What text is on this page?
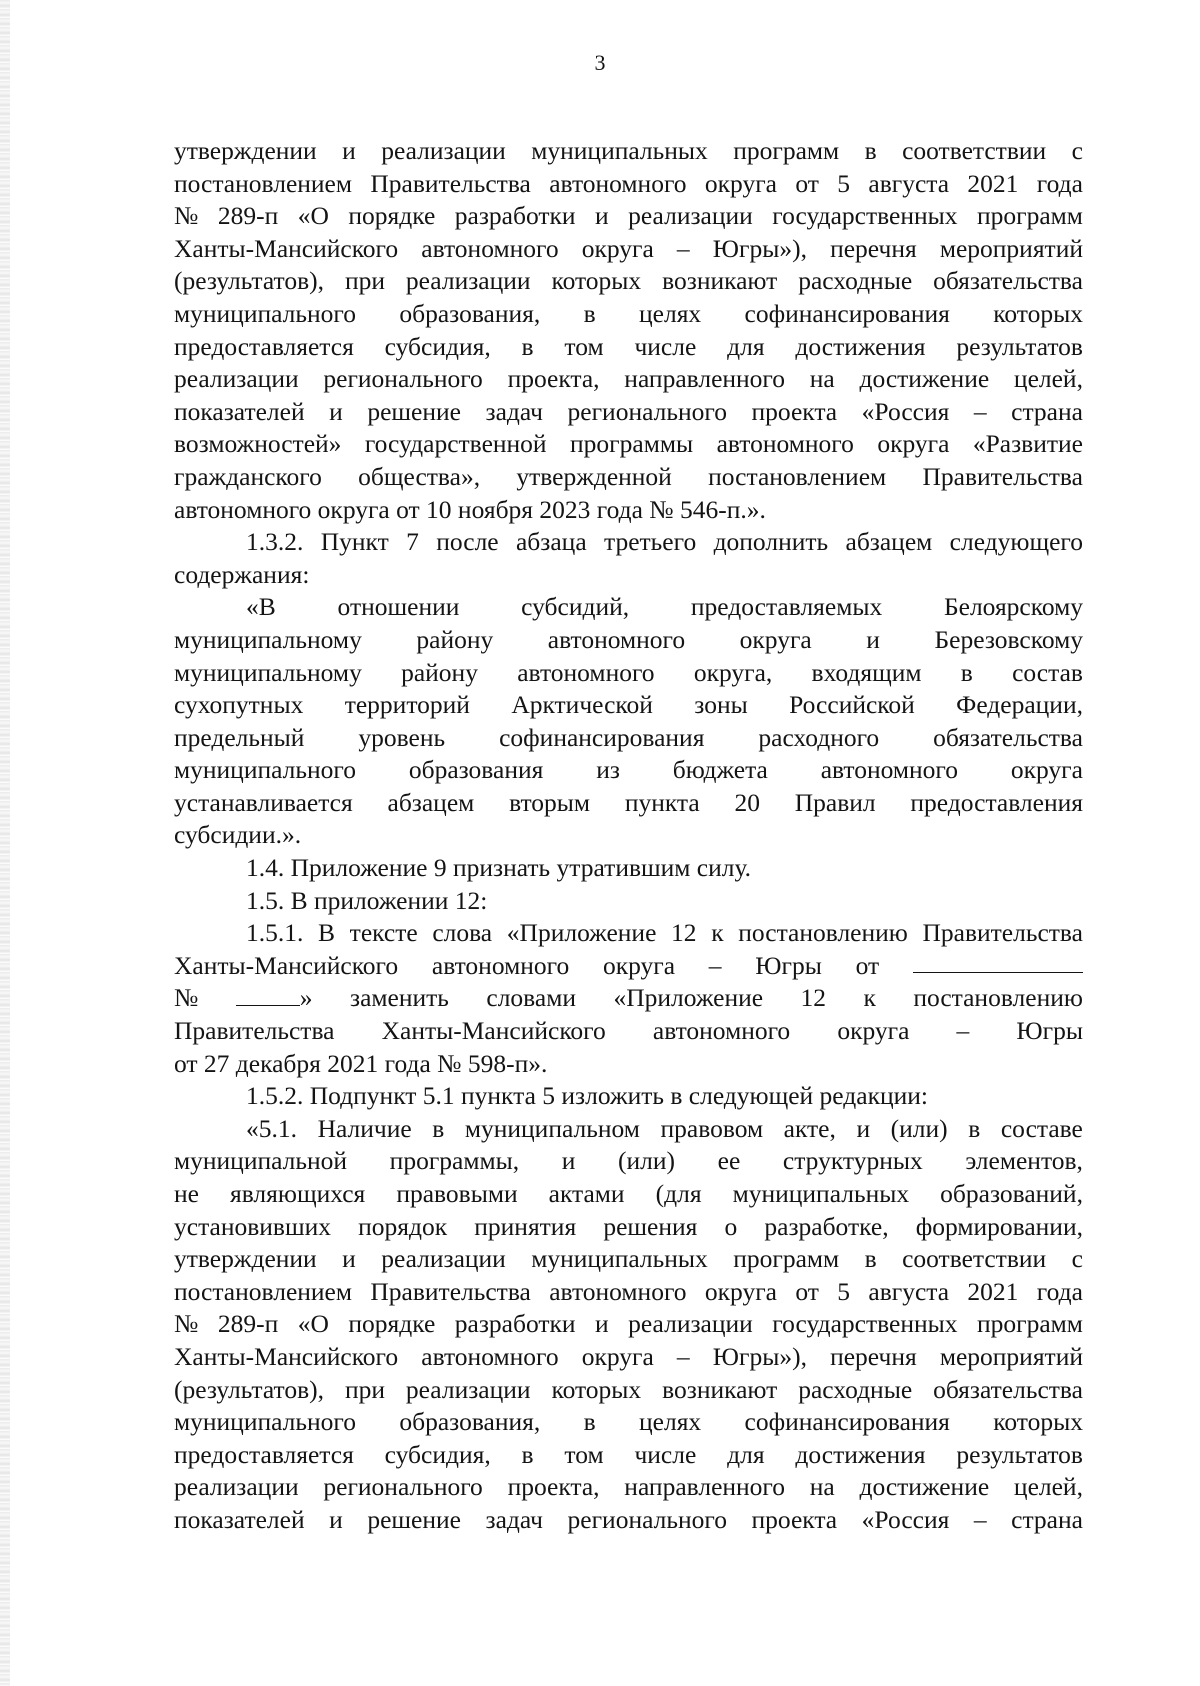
3
утверждении и реализации муниципальных программ в соответствии с
постановлением Правительства автономного округа от 5 августа 2021 года
№ 289-п «О порядке разработки и реализации государственных программ
Ханты-Мансийского автономного округа – Югры»), перечня мероприятий
(результатов), при реализации которых возникают расходные обязательства
муниципального образования, в целях софинансирования которых
предоставляется субсидия, в том числе для достижения результатов
реализации регионального проекта, направленного на достижение целей,
показателей и решение задач регионального проекта «Россия – страна
возможностей» государственной программы автономного округа «Развитие
гражданского общества», утвержденной постановлением Правительства
автономного округа от 10 ноября 2023 года № 546-п.».
1.3.2. Пункт 7 после абзаца третьего дополнить абзацем следующего
содержания:
«В отношении субсидий, предоставляемых Белоярскому
муниципальному району автономного округа и Березовскому
муниципальному району автономного округа, входящим в состав
сухопутных территорий Арктической зоны Российской Федерации,
предельный уровень софинансирования расходного обязательства
муниципального образования из бюджета автономного округа
устанавливается абзацем вторым пункта 20 Правил предоставления
субсидии.».
1.4. Приложение 9 признать утратившим силу.
1.5. В приложении 12:
1.5.1. В тексте слова «Приложение 12 к постановлению Правительства
Ханты-Мансийского автономного округа – Югры от
№	» заменить словами «Приложение 12 к постановлению
Правительства Ханты-Мансийского автономного округа – Югры
от 27 декабря 2021 года № 598-п».
1.5.2. Подпункт 5.1 пункта 5 изложить в следующей редакции:
«5.1. Наличие в муниципальном правовом акте, и (или) в составе
муниципальной программы, и (или) ее структурных элементов,
не являющихся правовыми актами (для муниципальных образований,
установивших порядок принятия решения о разработке, формировании,
утверждении и реализации муниципальных программ в соответствии с
постановлением Правительства автономного округа от 5 августа 2021 года
№ 289-п «О порядке разработки и реализации государственных программ
Ханты-Мансийского автономного округа – Югры»), перечня мероприятий
(результатов), при реализации которых возникают расходные обязательства
муниципального образования, в целях софинансирования которых
предоставляется субсидия, в том числе для достижения результатов
реализации регионального проекта, направленного на достижение целей,
показателей и решение задач регионального проекта «Россия – страна
